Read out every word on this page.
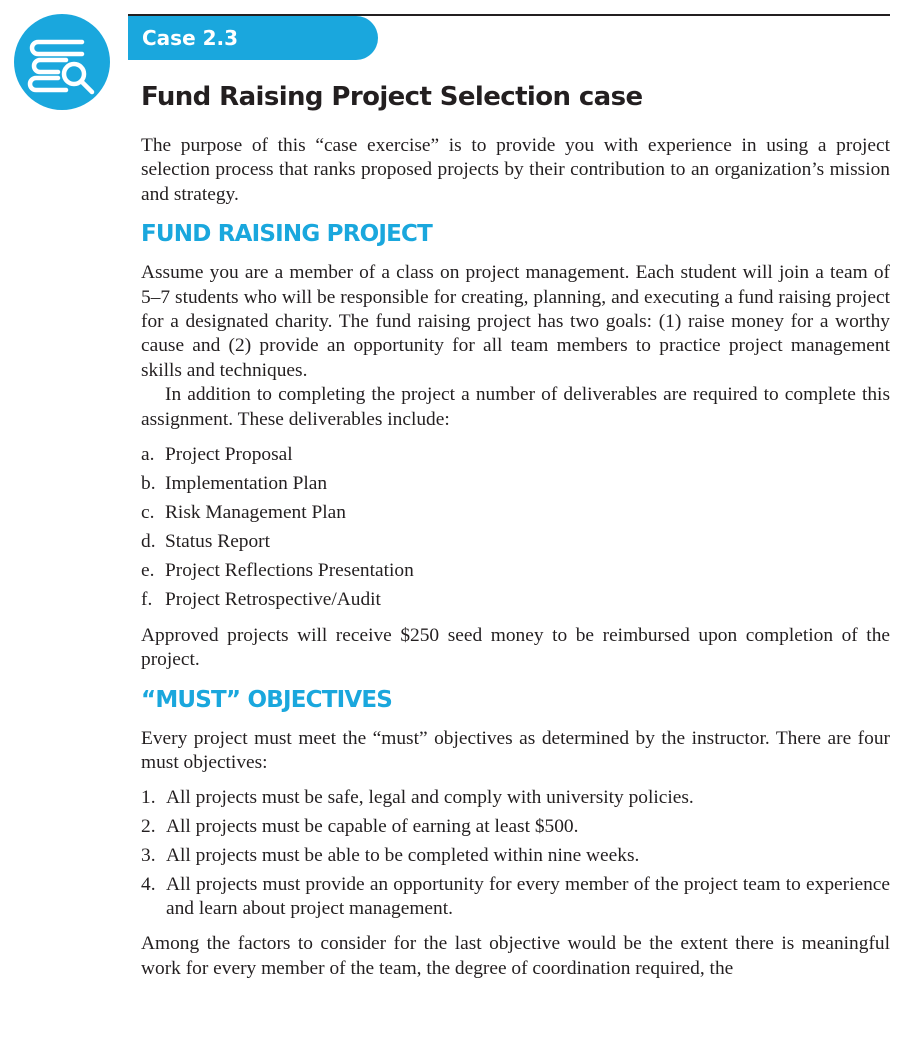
Case 2.3
Fund Raising Project Selection case

The purpose of this “case exercise” is to provide you with experience in using a project selection process that ranks proposed projects by their contribution to an organization’s mission and strategy.

FUND RAISING PROJECT

Assume you are a member of a class on project management. Each student will join a team of 5–7 students who will be responsible for creating, planning, and executing a fund raising project for a designated charity. The fund raising project has two goals: (1) raise money for a worthy cause and (2) provide an opportunity for all team members to practice project management skills and techniques.

In addition to completing the project a number of deliverables are required to complete this assignment. These deliverables include:

a. Project Proposal
b. Implementation Plan
c. Risk Management Plan
d. Status Report
e. Project Reflections Presentation
f. Project Retrospective/Audit

Approved projects will receive $250 seed money to be reimbursed upon completion of the project.

“MUST” OBJECTIVES

Every project must meet the “must” objectives as determined by the instructor. There are four must objectives:

1. All projects must be safe, legal and comply with university policies.
2. All projects must be capable of earning at least $500.
3. All projects must be able to be completed within nine weeks.
4. All projects must provide an opportunity for every member of the project team to experience and learn about project management.

Among the factors to consider for the last objective would be the extent there is meaningful work for every member of the team, the degree of coordination required, the
